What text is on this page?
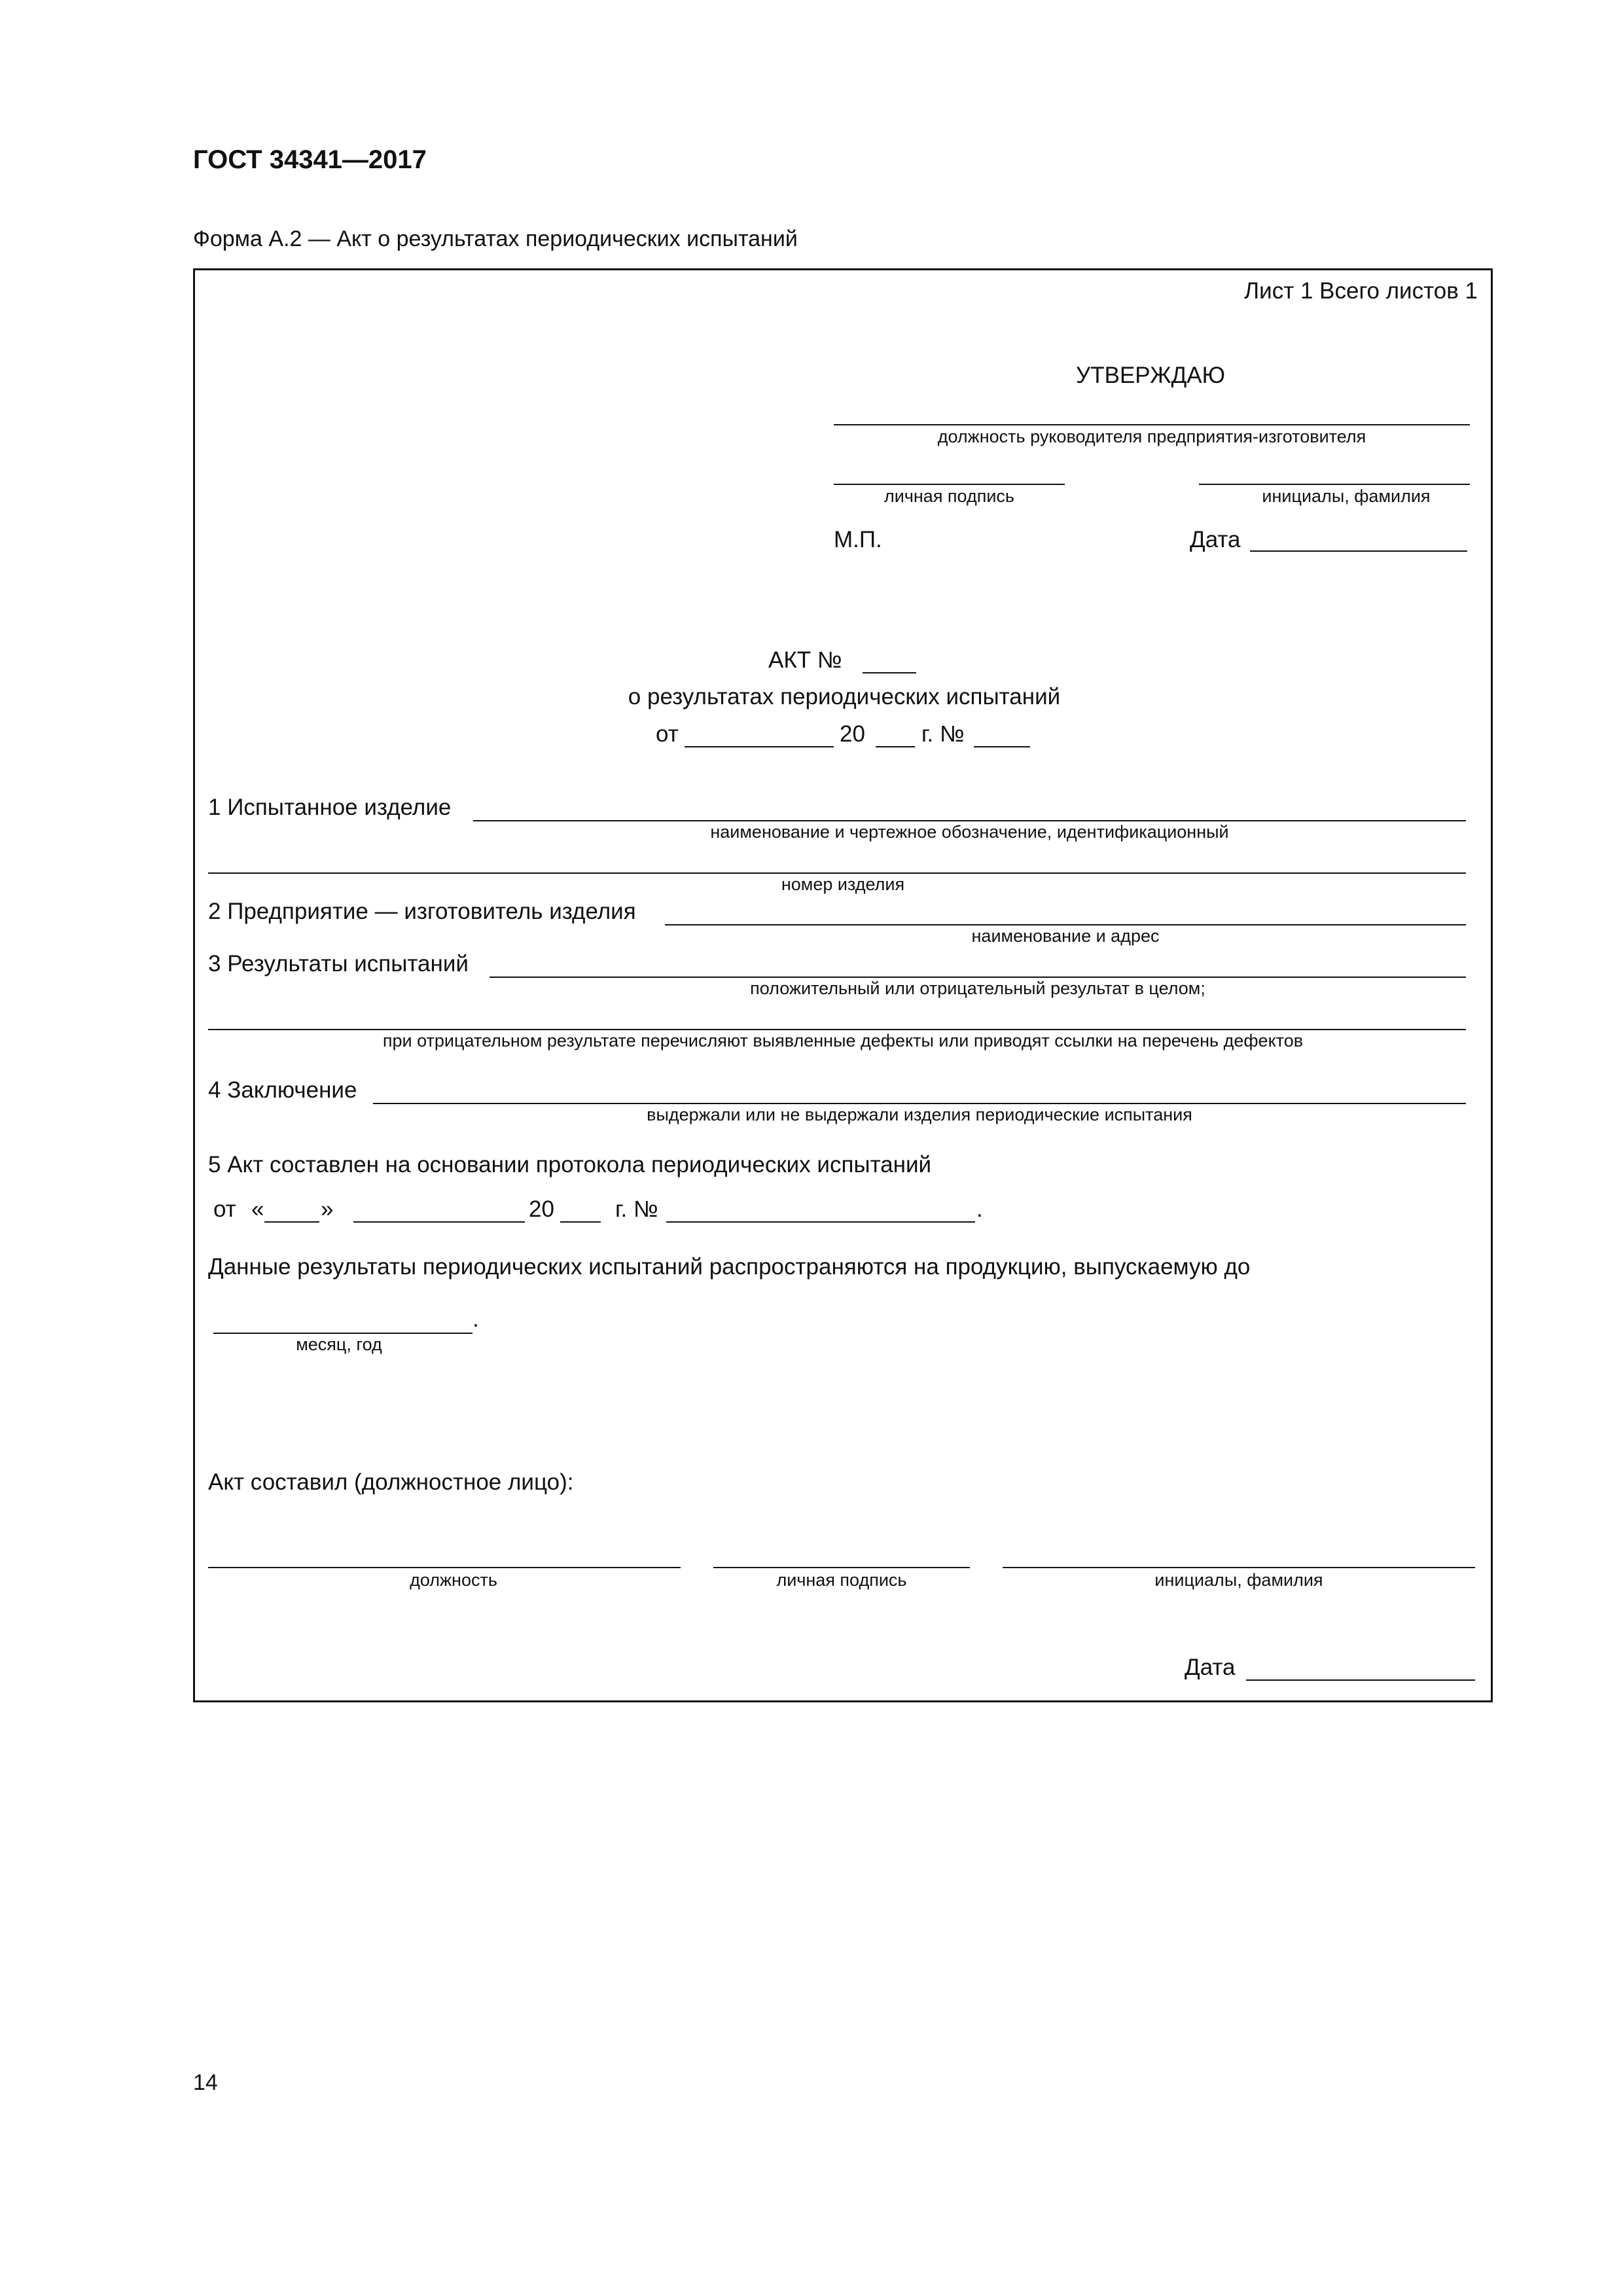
ГОСТ 34341—2017
Форма А.2 — Акт о результатах периодических испытаний
Лист 1 Всего листов 1
УТВЕРЖДАЮ
должность руководителя предприятия-изготовителя
личная подпись	инициалы, фамилия
М.П.	Дата
АКТ №
о результатах периодических испытаний
от	20 г. №
1 Испытанное изделие
наименование и чертежное обозначение, идентификационный
номер изделия
2 Предприятие — изготовитель изделия
наименование и адрес
3 Результаты испытаний
положительный или отрицательный результат в целом;
при отрицательном результате перечисляют выявленные дефекты или приводят ссылки на перечень дефектов
4 Заключение
выдержали или не выдержали изделия периодические испытания
5 Акт составлен на основании протокола периодических испытаний
от « »	20	г. №	.
Данные результаты периодических испытаний распространяются на продукцию, выпускаемую до
.
месяц, год
Акт составил (должностное лицо):
должность	личная подпись	инициалы, фамилия
Дата
14
